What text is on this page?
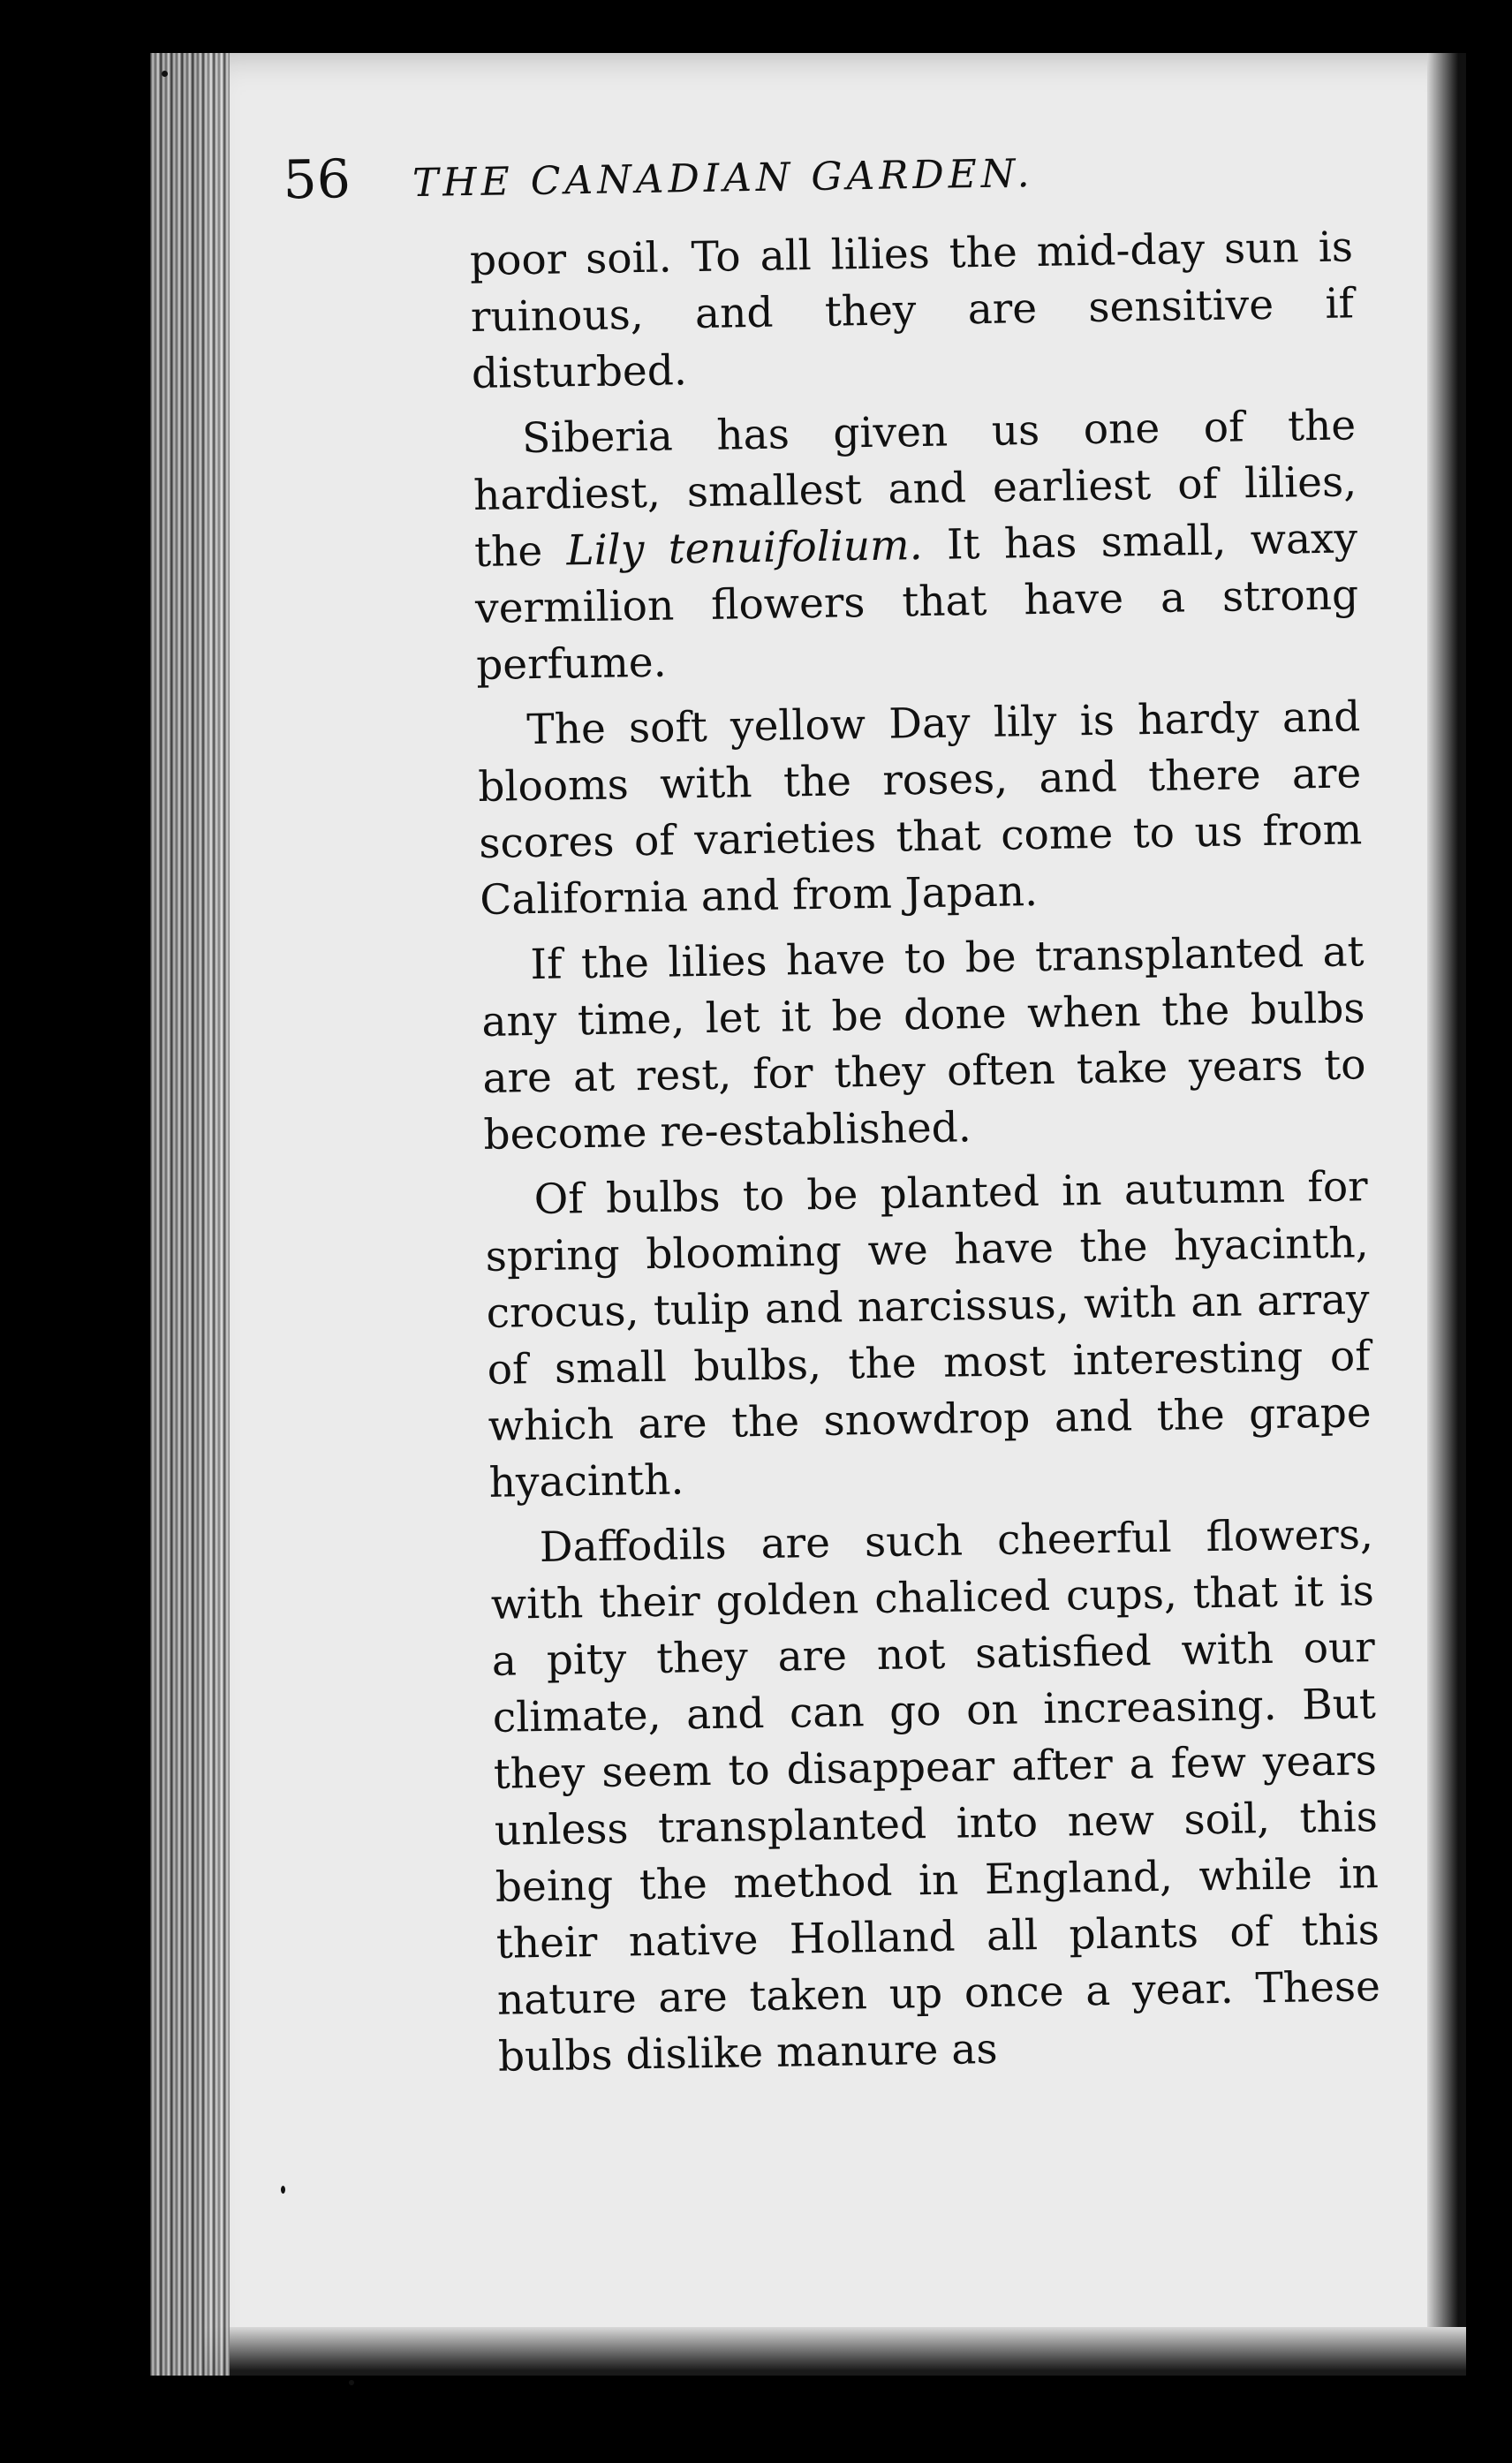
56 THE CANADIAN GARDEN.

poor soil. To all lilies the mid-day sun is ruinous, and they are sensitive if disturbed.

Siberia has given us one of the hardiest, smallest and earliest of lilies, the Lily tenuifolium. It has small, waxy vermilion flowers that have a strong perfume.

The soft yellow Day lily is hardy and blooms with the roses, and there are scores of varieties that come to us from California and from Japan.

If the lilies have to be transplanted at any time, let it be done when the bulbs are at rest, for they often take years to become re-established.

Of bulbs to be planted in autumn for spring blooming we have the hyacinth, crocus, tulip and narcissus, with an array of small bulbs, the most interesting of which are the snowdrop and the grape hyacinth.

Daffodils are such cheerful flowers, with their golden chaliced cups, that it is a pity they are not satisfied with our climate, and can go on increasing. But they seem to disappear after a few years unless transplanted into new soil, this being the method in England, while in their native Holland all plants of this nature are taken up once a year. These bulbs dislike manure as
